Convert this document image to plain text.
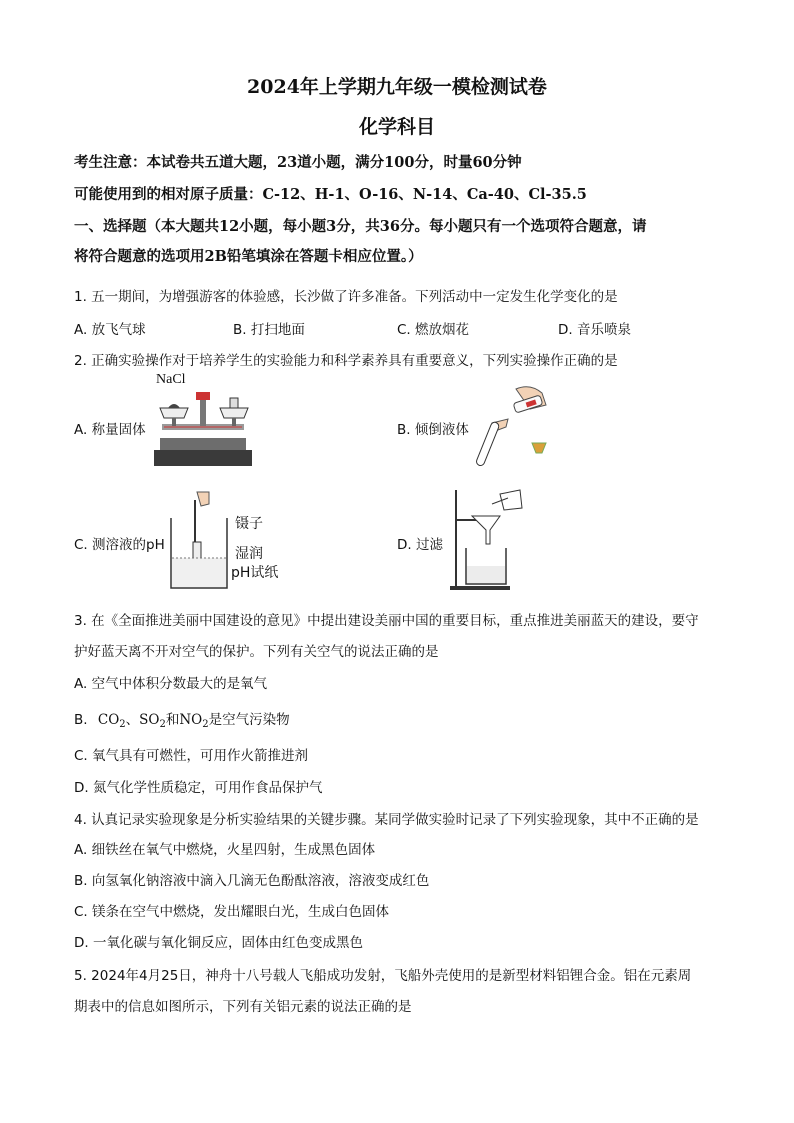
2024年上学期九年级一模检测试卷
化学科目
考生注意：本试卷共五道大题，23道小题，满分100分，时量60分钟
可能使用到的相对原子质量：C-12、H-1、O-16、N-14、Ca-40、Cl-35.5
一、选择题（本大题共12小题，每小题3分，共36分。每小题只有一个选项符合题意，请
将符合题意的选项用2B铅笔填涂在答题卡相应位置。）
1. 五一期间，为增强游客的体验感，长沙做了许多准备。下列活动中一定发生化学变化的是
A. 放飞气球	B. 打扫地面	C. 燃放烟花	D. 音乐喷泉
2. 正确实验操作对于培养学生的实验能力和科学素养具有重要意义，下列实验操作正确的是
A. 称量固体
NaCl
B. 倾倒液体
C. 测溶液的pH
镊子
湿润
pH试纸
D. 过滤
3. 在《全面推进美丽中国建设的意见》中提出建设美丽中国的重要目标，重点推进美丽蓝天的建设，要守
护好蓝天离不开对空气的保护。下列有关空气的说法正确的是
A. 空气中体积分数最大的是氧气
B. $CO_2$、$SO_2$和$NO_2$是空气污染物
C. 氧气具有可燃性，可用作火箭推进剂
D. 氮气化学性质稳定，可用作食品保护气
4. 认真记录实验现象是分析实验结果的关键步骤。某同学做实验时记录了下列实验现象，其中不正确的是
A. 细铁丝在氧气中燃烧，火星四射，生成黑色固体
B. 向氢氧化钠溶液中滴入几滴无色酚酞溶液，溶液变成红色
C. 镁条在空气中燃烧，发出耀眼白光，生成白色固体
D. 一氧化碳与氧化铜反应，固体由红色变成黑色
5. 2024年4月25日，神舟十八号载人飞船成功发射，飞船外壳使用的是新型材料铝锂合金。铝在元素周
期表中的信息如图所示，下列有关铝元素的说法正确的是
